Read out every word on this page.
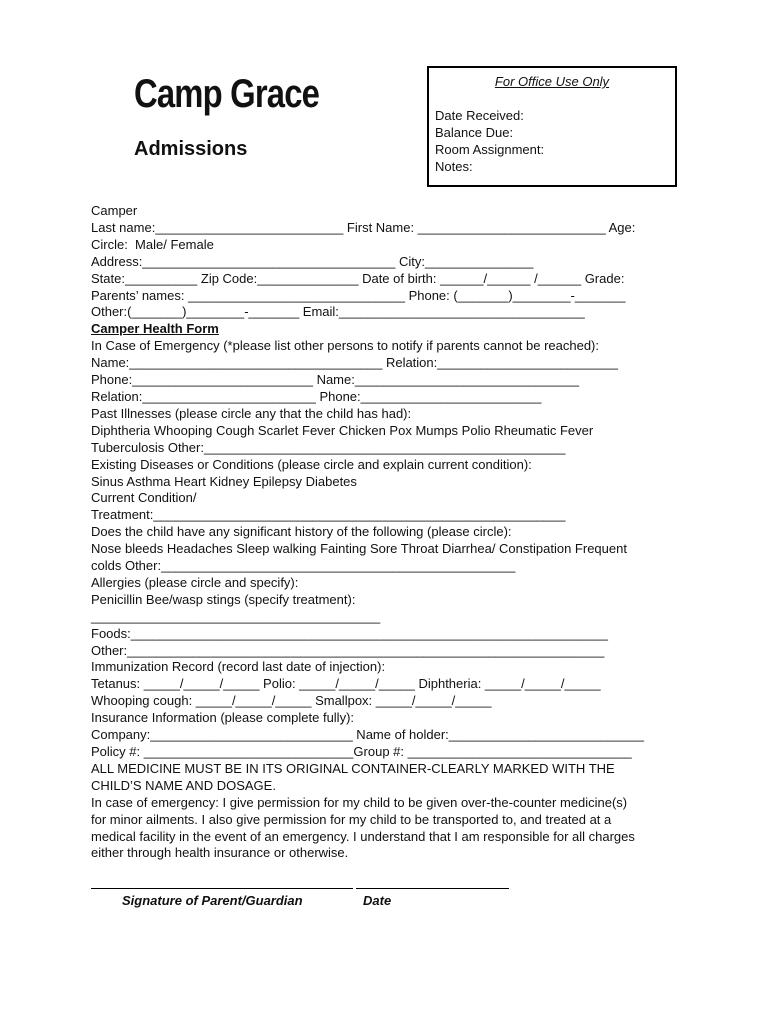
Camp Grace
Admissions
For Office Use Only
Date Received:
Balance Due:
Room Assignment:
Notes:
Camper
Last name:__________________________ First Name: __________________________ Age:
Circle:  Male/ Female
Address:___________________________________ City:_______________
State:__________ Zip Code:______________ Date of birth: ______/______ /______ Grade:
Parents’ names: ______________________________ Phone: (_______)________-_______
Other:(_______)________-_______ Email:__________________________________
Camper Health Form
In Case of Emergency (*please list other persons to notify if parents cannot be reached):
Name:___________________________________ Relation:_________________________
Phone:_________________________ Name:_______________________________
Relation:________________________ Phone:_________________________
Past Illnesses (please circle any that the child has had):
Diphtheria Whooping Cough Scarlet Fever Chicken Pox Mumps Polio Rheumatic Fever
Tuberculosis Other:__________________________________________________
Existing Diseases or Conditions (please circle and explain current condition):
Sinus Asthma Heart Kidney Epilepsy Diabetes
Current Condition/
Treatment:_________________________________________________________
Does the child have any significant history of the following (please circle):
Nose bleeds Headaches Sleep walking Fainting Sore Throat Diarrhea/ Constipation Frequent
colds Other:_________________________________________________
Allergies (please circle and specify):
Penicillin Bee/wasp stings (specify treatment):
________________________________________
Foods:__________________________________________________________________
Other:__________________________________________________________________
Immunization Record (record last date of injection):
Tetanus: _____/_____/_____ Polio: _____/_____/_____ Diphtheria: _____/_____/_____
Whooping cough: _____/_____/_____ Smallpox: _____/_____/_____
Insurance Information (please complete fully):
Company:____________________________ Name of holder:___________________________
Policy #: _____________________________Group #: _______________________________
ALL MEDICINE MUST BE IN ITS ORIGINAL CONTAINER-CLEARLY MARKED WITH THE
CHILD’S NAME AND DOSAGE.
In case of emergency: I give permission for my child to be given over-the-counter medicine(s)
for minor ailments. I also give permission for my child to be transported to, and treated at a
medical facility in the event of an emergency. I understand that I am responsible for all charges
either through health insurance or otherwise.
Signature of Parent/Guardian	Date
